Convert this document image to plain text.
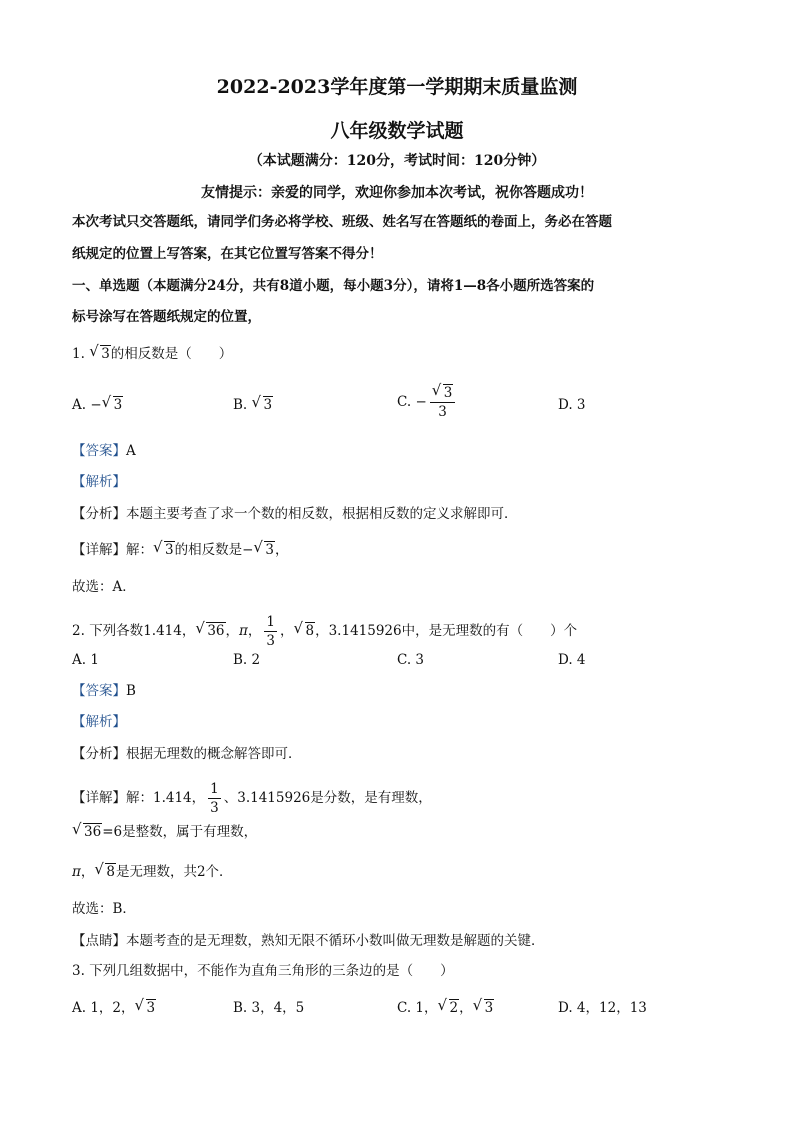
2022-2023学年度第一学期期末质量监测
八年级数学试题
（本试题满分：120分，考试时间：120分钟）
友情提示：亲爱的同学，欢迎你参加本次考试，祝你答题成功！
本次考试只交答题纸，请同学们务必将学校、班级、姓名写在答题纸的卷面上，务必在答题
纸规定的位置上写答案，在其它位置写答案不得分！
一、单选题（本题满分24分，共有8道小题，每小题3分），请将1—8各小题所选答案的
标号涂写在答题纸规定的位置，
1. √ 3的相反数是（　　）
A. − √ 3	B. √ 3	C. − √ $\frac{3}{3}$	D. 3
【答案】A
【解析】
【分析】本题主要考查了求一个数的相反数，根据相反数的定义求解即可．
【详解】解： √ 3的相反数是− √ 3，
故选：A．
2. 下列各数1.414， √ 36，π， $\frac{1}{3}$ ， √ 8，3.1415926中，是无理数的有（　　）个
A. 1	B. 2	C. 3	D. 4
【答案】B
【解析】
【分析】根据无理数的概念解答即可．
【详解】解：1.414， $\frac{1}{3}$ 、3.1415926是分数，是有理数，
√ 36=6是整数，属于有理数，
π， √ 8是无理数，共2个．
故选：B．
【点睛】本题考查的是无理数，熟知无限不循环小数叫做无理数是解题的关键．
3. 下列几组数据中，不能作为直角三角形的三条边的是（　　）
A. 1，2， √ 3	B. 3，4，5	C. 1， √ 2， √ 3	D. 4，12，13
